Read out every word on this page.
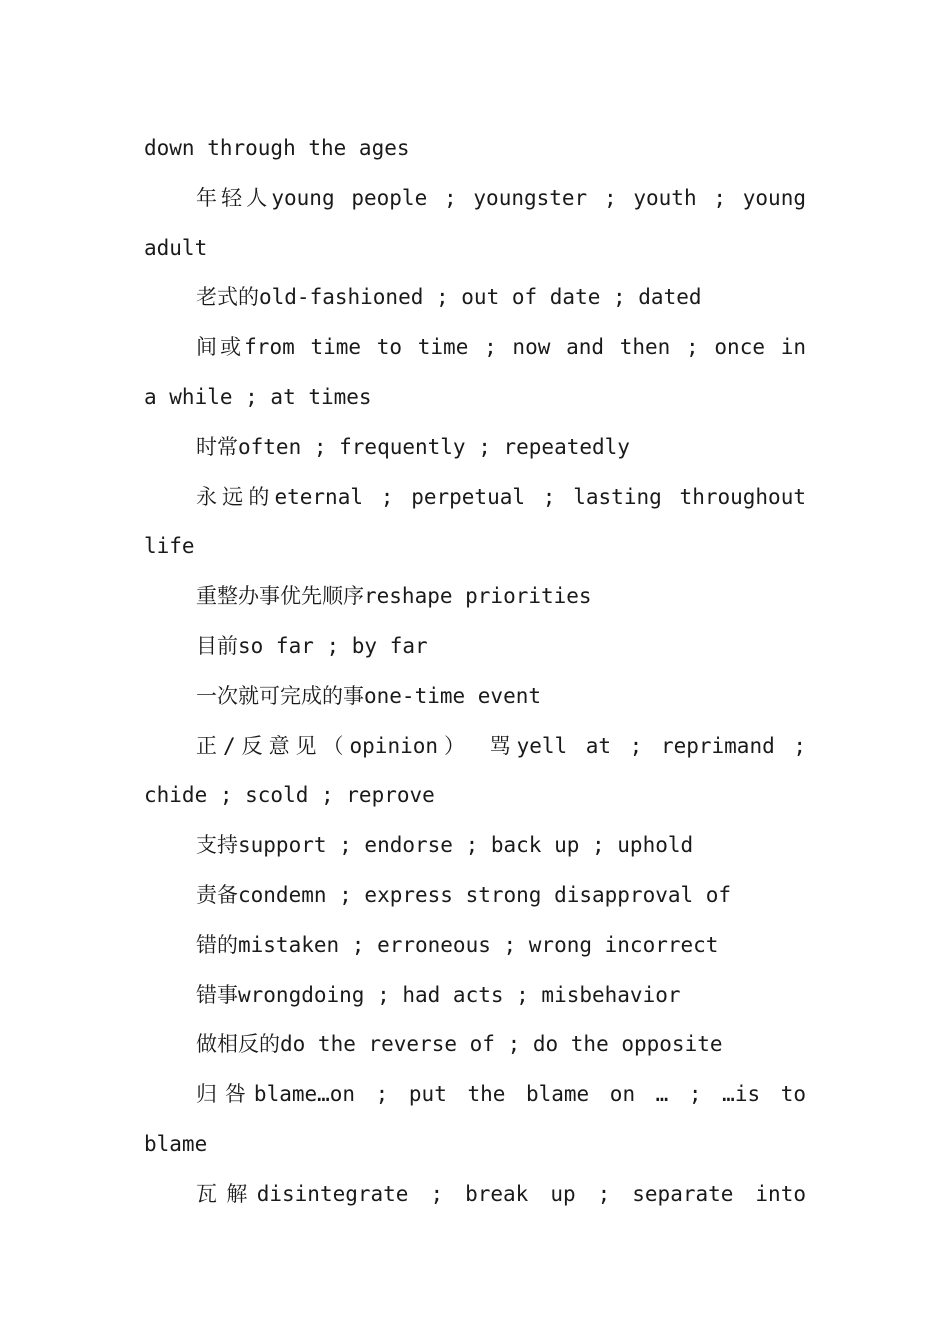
down through the ages
年轻人young people ; youngster ; youth ; young
adult
老式的old-fashioned ; out of date ; dated
间或from time to time ; now and then ; once in
a while ; at times
时常often ; frequently ; repeatedly
永远的eternal ; perpetual ; lasting throughout
life
重整办事优先顺序reshape priorities
目前so far ; by far
一次就可完成的事one-time event
正/反意见（opinion） 骂yell at ; reprimand ;
chide ; scold ; reprove
支持support ; endorse ; back up ; uphold
责备condemn ; express strong disapproval of
错的mistaken ; erroneous ; wrong incorrect
错事wrongdoing ; had acts ; misbehavior
做相反的do the reverse of ; do the opposite
归咎blame…on ; put the blame on … ; …is to
blame
瓦解disintegrate ; break up ; separate into
